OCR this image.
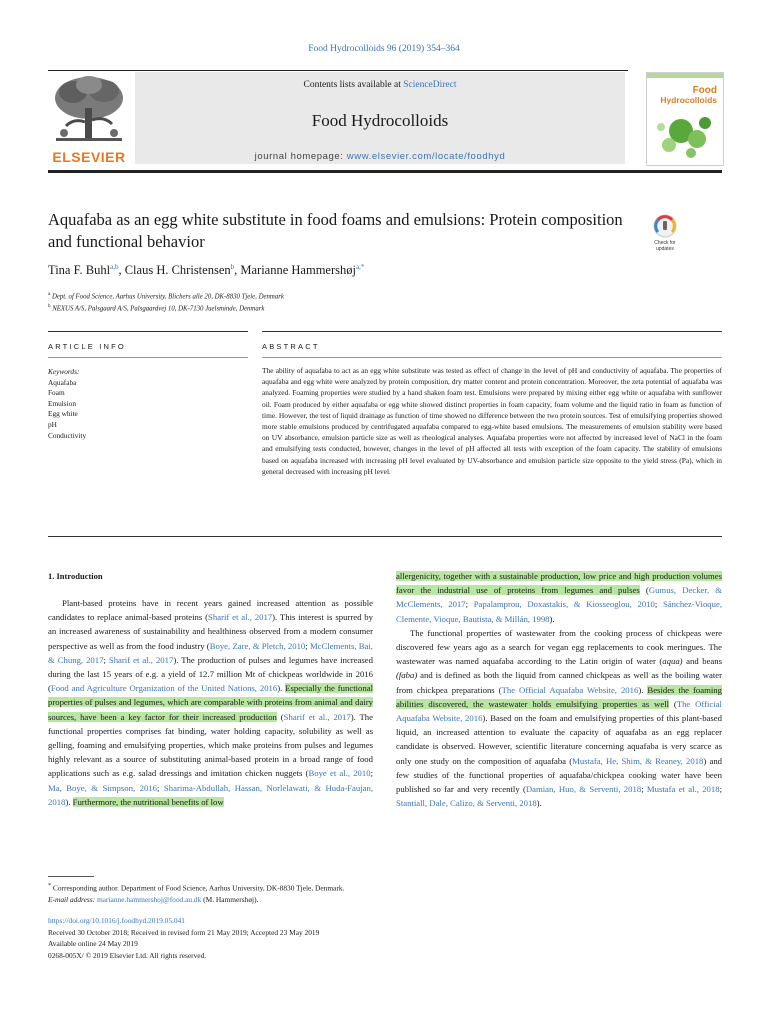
Food Hydrocolloids 96 (2019) 354–364
ELSEVIER
Contents lists available at ScienceDirect
Food Hydrocolloids
journal homepage: www.elsevier.com/locate/foodhyd
Food
Hydrocolloids
Aquafaba as an egg white substitute in food foams and emulsions: Protein composition and functional behavior	Check for
updates
Tina F. Buhl$^{a,b}$, Claus H. Christensen$^b$, Marianne Hammershøj$^{a,*}$
$^a$ Dept. of Food Science, Aarhus University, Blichers alle 20, DK-8830 Tjele, Denmark
$^b$ NEXUS A/S, Palsgaard A/S, Palsgaardvej 10, DK-7130 Juelsminde, Denmark
ARTICLE INFO	ABSTRACT
Keywords:
Aquafaba
Foam
Emulsion
Egg white
pH
Conductivity
The ability of aquafaba to act as an egg white substitute was tested as effect of change in the level of pH and conductivity of aquafaba. The properties of aquafaba and egg white were analyzed by protein composition, dry matter content and protein concentration. Moreover, the zeta potential of aquafaba was analyzed. Foaming properties were studied by a hand shaken foam test. Emulsions were prepared by mixing either egg white or aquafaba with sunflower oil. Foam produced by either aquafaba or egg white showed distinct properties in foam capacity, foam volume and the liquid ratio in foam as function of time. However, the test of liquid drainage as function of time showed no difference between the two protein sources. Test of emulsifying properties showed more stable emulsions produced by centrifugated aquafaba compared to egg-white based emulsions. The measurements of emulsion stability were based on UV absorbance, emulsion particle size as well as rheological analyses. Aquafaba properties were not affected by increased level of NaCl in the foam and emulsifying tests conducted, however, changes in the level of pH affected all tests with exception of the foam capacity. The stability of emulsions based on aquafaba increased with increasing pH level evaluated by UV-absorbance and emulsion particle size opposite to the yield stress (Pa), which in general decreased with increasing pH level.
1. Introduction

Plant-based proteins have in recent years gained increased attention as possible candidates to replace animal-based proteins (Sharif et al., 2017). This interest is spurred by an increased awareness of sustainability and healthiness observed from a modern consumer perspective as well as from the food industry (Boye, Zare, & Pletch, 2010; McClements, Bai, & Chung, 2017; Sharif et al., 2017). The production of pulses and legumes have increased during the last 15 years of e.g. a yield of 12.7 million Mt of chickpeas worldwide in 2016 (Food and Agriculture Organization of the United Nations, 2016). Especially the functional properties of pulses and legumes, which are comparable with proteins from animal and dairy sources, have been a key factor for their increased production (Sharif et al., 2017). The functional properties comprises fat binding, water holding capacity, solubility as well as gelling, foaming and emulsifying properties, which make proteins from pulses and legumes highly relevant as a source of substituting animal-based protein in a broad range of food applications such as e.g. salad dressings and imitation chicken nuggets (Boye et al., 2010; Ma, Boye, & Simpson, 2016; Sharima-Abdullah, Hassan, Norlelawati, & Huda-Faujan, 2018). Furthermore, the nutritional benefits of low

allergenicity, together with a sustainable production, low price and high production volumes favor the industrial use of proteins from legumes and pulses (Gumus, Decker, & McClements, 2017; Papalamprou, Doxastakis, & Kiosseoglou, 2010; Sánchez-Vioque, Clemente, Vioque, Bautista, & Millán, 1998).

The functional properties of wastewater from the cooking process of chickpeas were discovered few years ago as a search for vegan egg replacements to cook meringues. The wastewater was named aquafaba according to the Latin origin of water (aqua) and beans (faba) and is defined as both the liquid from canned chickpeas as well as the boiling water from chickpea preparations (The Official Aquafaba Website, 2016). Besides the foaming abilities discovered, the wastewater holds emulsifying properties as well (The Official Aquafaba Website, 2016). Based on the foam and emulsifying properties of this plant-based liquid, an increased attention to evaluate the capacity of aquafaba as an egg replacer candidate is observed. However, scientific literature concerning aquafaba is very scarce as only one study on the composition of aquafaba (Mustafa, He, Shim, & Reaney, 2018) and few studies of the functional properties of aquafaba/chickpea cooking water have been published so far and very recently (Damian, Huo, & Serventi, 2018; Mustafa et al., 2018; Stantiall, Dale, Calizo, & Serventi, 2018).

* Corresponding author. Department of Food Science, Aarhus University, DK-8830 Tjele, Denmark.
E-mail address: marianne.hammershoj@food.au.dk (M. Hammershøj).
https://doi.org/10.1016/j.foodhyd.2019.05.041
Received 30 October 2018; Received in revised form 21 May 2019; Accepted 23 May 2019
Available online 24 May 2019
0268-005X/ © 2019 Elsevier Ltd. All rights reserved.
